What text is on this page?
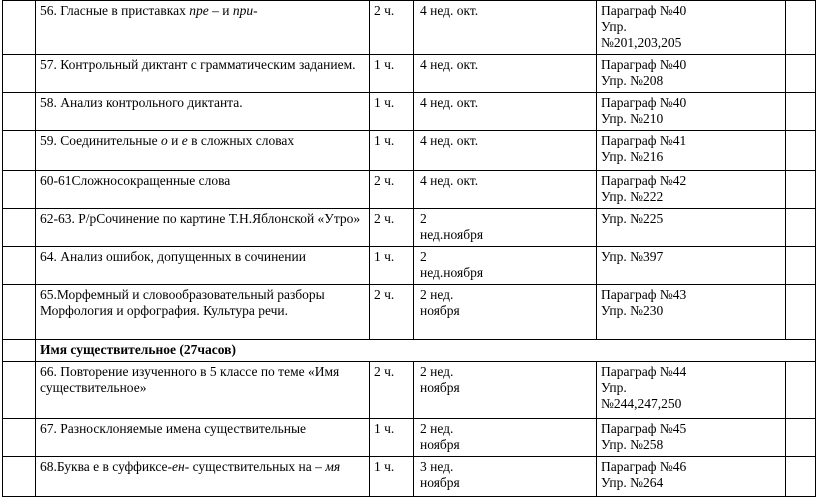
	56. Гласные в приставках пре – и при-	2 ч.	4 нед. окт.	Параграф №40
Упр.
№201,203,205	

	57. Контрольный диктант с грамматическим заданием.	1 ч.	4 нед. окт.	Параграф №40
Упр. №208	

	58. Анализ контрольного диктанта.	1 ч.	4 нед. окт.	Параграф №40
Упр. №210	

	59. Соединительные о и е в сложных словах	1 ч.	4 нед. окт.	Параграф №41
Упр. №216	

	60-61Сложносокращенные слова	2 ч.	4 нед. окт.	Параграф №42
Упр. №222	

	62-63. Р/рСочинение по картине Т.Н.Яблонской «Утро»	2 ч.	2
нед.ноября	Упр. №225	

	64. Анализ ошибок, допущенных в сочинении	1 ч.	2
нед.ноября	Упр. №397	

	65.Морфемный и словообразовательный разборы
Морфология и орфография. Культура речи.	2 ч.	2 нед.
ноября	Параграф №43
Упр. №230	

	Имя существительное (27часов)				
	66. Повторение изученного в 5 классе по теме «Имя существительное»	2 ч.	2 нед.
ноября	Параграф №44
Упр.
№244,247,250	

	67. Разносклоняемые имена существительные	1 ч.	2 нед.
ноября	Параграф №45
Упр. №258	

	68.Буква е в суффиксе-ен- существительных на – мя	1 ч.	3 нед.
ноября	Параграф №46
Упр. №264	
